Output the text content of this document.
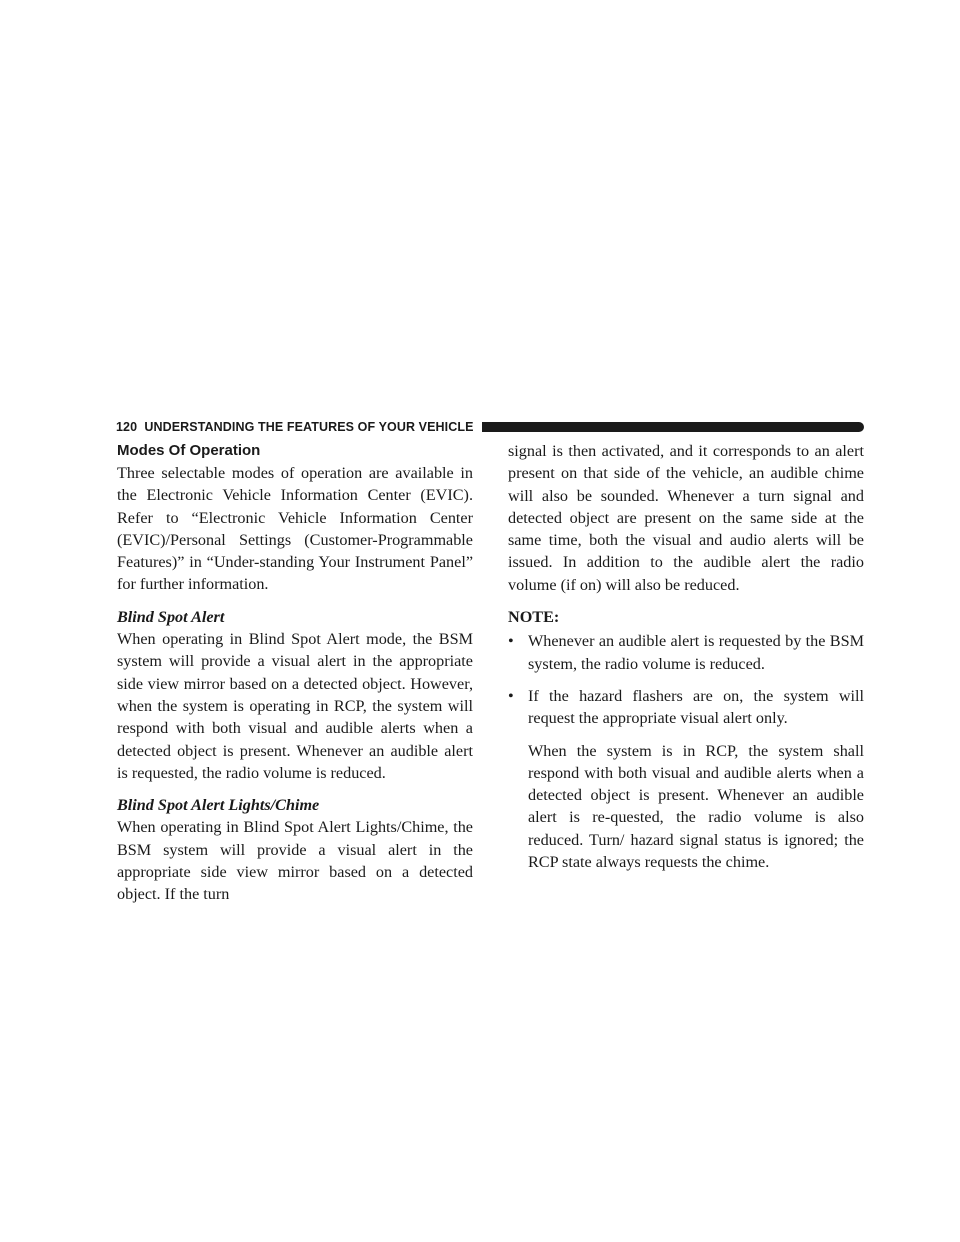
120 UNDERSTANDING THE FEATURES OF YOUR VEHICLE
Modes Of Operation

Three selectable modes of operation are available in the Electronic Vehicle Information Center (EVIC). Refer to “Electronic Vehicle Information Center (EVIC)/Personal Settings (Customer-Programmable Features)” in “Under-standing Your Instrument Panel” for further information.

Blind Spot Alert

When operating in Blind Spot Alert mode, the BSM system will provide a visual alert in the appropriate side view mirror based on a detected object. However, when the system is operating in RCP, the system will respond with both visual and audible alerts when a detected object is present. Whenever an audible alert is requested, the radio volume is reduced.

Blind Spot Alert Lights/Chime

When operating in Blind Spot Alert Lights/Chime, the BSM system will provide a visual alert in the appropriate side view mirror based on a detected object. If the turn

signal is then activated, and it corresponds to an alert present on that side of the vehicle, an audible chime will also be sounded. Whenever a turn signal and detected object are present on the same side at the same time, both the visual and audio alerts will be issued. In addition to the audible alert the radio volume (if on) will also be reduced.

NOTE:
• Whenever an audible alert is requested by the BSM system, the radio volume is reduced.
• If the hazard flashers are on, the system will request the appropriate visual alert only.

When the system is in RCP, the system shall respond with both visual and audible alerts when a detected object is present. Whenever an audible alert is re-quested, the radio volume is also reduced. Turn/ hazard signal status is ignored; the RCP state always requests the chime.
